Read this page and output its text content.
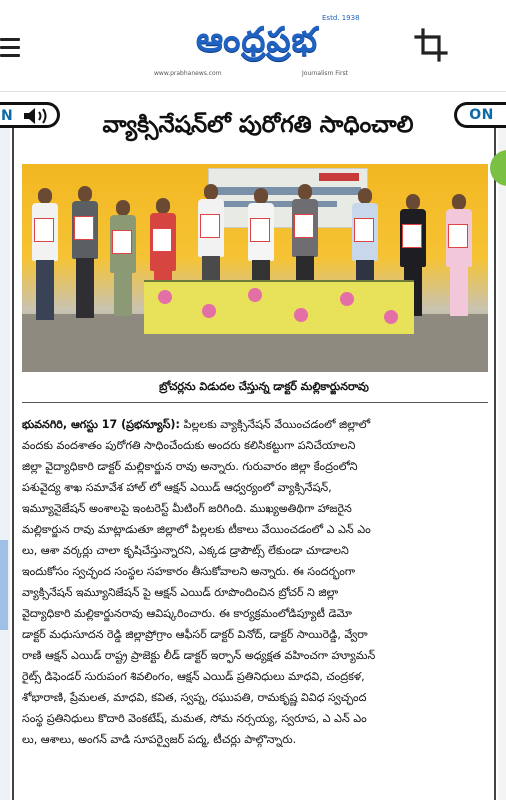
Estd. 1938
ఆంధ్రప్రభ
www.prabhanews.com	Journalism First
N	ON
వ్యాక్సినేషన్‌లో పురోగతి సాధించాలి
బ్రోచర్లను విడుదల చేస్తున్న డాక్టర్ మల్లికార్జునరావు
భువనగిరి, ఆగస్టు 17 (ప్రభన్యూస్): పిల్లలకు వ్యాక్సినేషన్ వేయించడంలో జిల్లాలో
వందకు వందశాతం పురోగతి సాధించేందుకు అందరు కలిసికట్టుగా పనిచేయాలని
జిల్లా వైద్యాధికారి డాక్టర్ మల్లికార్జున రావు అన్నారు. గురువారం జిల్లా కేంద్రంలోని
పశువైద్య శాఖ సమావేశ హాల్ లో ఆక్షన్ ఎయిడ్ ఆధ్వర్యంలో వ్యాక్సినేషన్,
ఇమ్యూనైజేషన్ అంశాలపై ఇంటరెస్ట్ మీటింగ్ జరిగింది. ముఖ్యఅతిథిగా హాజరైన
మల్లికార్జున రావు మాట్లాడుతూ జిల్లాలో పిల్లలకు టీకాలు వేయించడంలో ఎ ఎన్ ఎం
లు, ఆశా వర్కర్లు చాలా కృషిచేస్తున్నారని, ఎక్కడ డ్రాపౌట్స్ లేకుండా చూడాలని
ఇందుకోసం స్వచ్ఛంద సంస్థల సహకారం తీసుకోవాలని అన్నారు. ఈ సందర్భంగా
వ్యాక్సినేషన్ ఇమ్యూనిజేషన్ పై ఆక్షన్ ఎయిడ్ రూపొందించిన బ్రోచర్ ని జిల్లా
వైద్యాధికారి మల్లికార్జునరావు ఆవిష్కరించారు. ఈ కార్యక్రమంలోడిప్యూటీ డెమో
డాక్టర్ మధుసూదన రెడ్డి జిల్లాప్రోగ్రాం ఆఫీసర్ డాక్టర్ వినోద్, డాక్టర్ సాయిరెడ్డి, వ్వేరా
రాణి ఆక్షన్ ఎయిడ్ రాష్ట్ర ప్రాజెక్టు లీడ్ డాక్టర్ ఇర్ఫాన్ అధ్యక్షత వహించగా హ్యూమన్
రైట్స్ డిఫెండర్ సురుపంగ శివలింగం, ఆక్షన్ ఎయిడ్ ప్రతినిధులు మాధవి, చంద్రకళ,
శోభారాణి, ప్రేమలత, మాధవి, కవిత, స్వప్న, రఘుపతి, రామకృష్ణ వివిధ స్వచ్ఛంద
సంస్థ ప్రతినిధులు కొదారి వెంకటేష్, మమత, సోమ నర్సయ్య, స్వరూప, ఎ ఎన్ ఎం
లు, ఆశాలు, అంగన్ వాడి సూపర్వైజర్ పద్మ, టీచర్లు పాల్గొన్నారు.
